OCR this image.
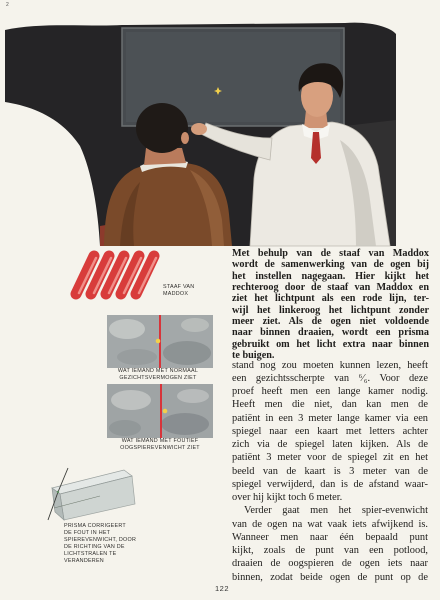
2
STAAF VAN
MADDOX
WAT IEMAND MET NORMAAL
GEZICHTSVERMOGEN ZIET
WAT IEMAND MET FOUTIEF
OOGSPIEREVENWICHT ZIET
PRISMA CORRIGEERT
DE FOUT IN HET
SPIEREVENWICHT, DOOR
DE RICHTING VAN DE
LICHTSTRALEN TE
VERANDEREN
Met behulp van de staaf van Maddox
wordt de samenwerking van de ogen bij
het instellen nagegaan. Hier kijkt het
rechteroog door de staaf van Maddox en
ziet het lichtpunt als een rode lijn, ter-
wijl het linkeroog het lichtpunt zonder
meer ziet. Als de ogen niet voldoende
naar binnen draaien, wordt een prisma
gebruikt om het licht extra naar binnen
te buigen.
stand nog zou moeten kunnen lezen, heeft
een gezichtsscherpte van ⁶⁄₆. Voor deze
proef heeft men een lange kamer nodig.
Heeft men die niet, dan kan men de
patiënt in een 3 meter lange kamer via een
spiegel naar een kaart met letters achter
zich via de spiegel laten kijken. Als de
patiënt 3 meter voor de spiegel zit en het
beeld van de kaart is 3 meter van de
spiegel verwijderd, dan is de afstand waar-
over hij kijkt toch 6 meter.
Verder gaat men het spier-evenwicht
van de ogen na wat vaak iets afwijkend is.
Wanneer men naar één bepaald punt
kijkt, zoals de punt van een potlood,
draaien de oogspieren de ogen iets naar
binnen, zodat beide ogen de punt op de
122
